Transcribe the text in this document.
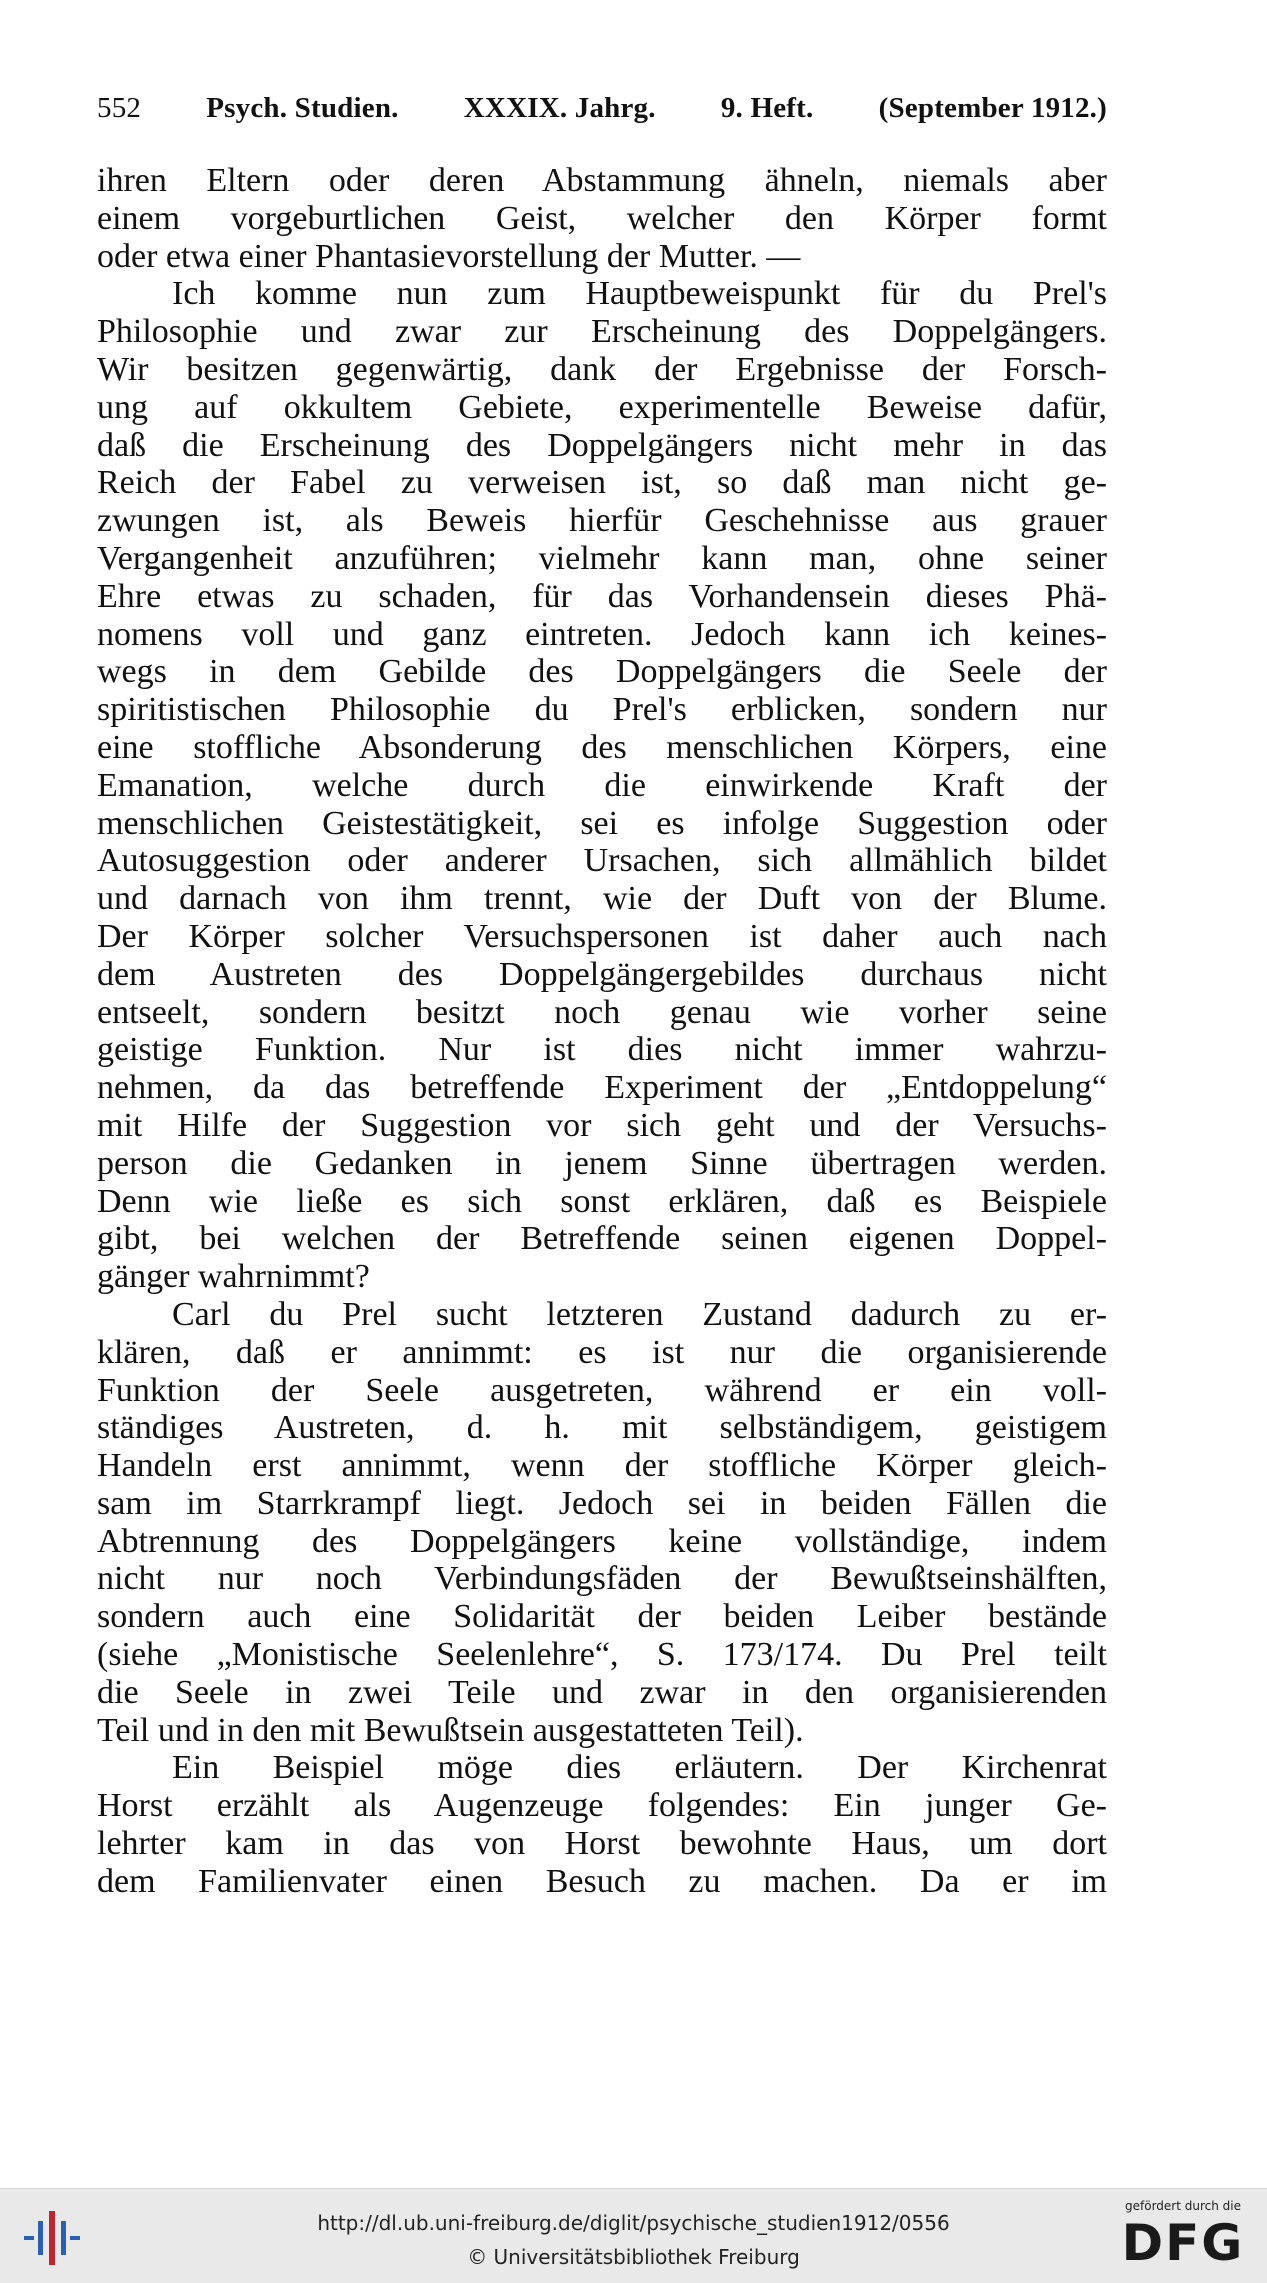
552 Psych. Studien. XXXIX. Jahrg. 9. Heft. (September 1912.)
ihren Eltern oder deren Abstammung ähneln, niemals aber
einem vorgeburtlichen Geist, welcher den Körper formt
oder etwa einer Phantasievorstellung der Mutter. —
Ich komme nun zum Hauptbeweispunkt für du Prel's
Philosophie und zwar zur Erscheinung des Doppelgängers.
Wir besitzen gegenwärtig, dank der Ergebnisse der Forsch-
ung auf okkultem Gebiete, experimentelle Beweise dafür,
daß die Erscheinung des Doppelgängers nicht mehr in das
Reich der Fabel zu verweisen ist, so daß man nicht ge-
zwungen ist, als Beweis hierfür Geschehnisse aus grauer
Vergangenheit anzuführen; vielmehr kann man, ohne seiner
Ehre etwas zu schaden, für das Vorhandensein dieses Phä-
nomens voll und ganz eintreten. Jedoch kann ich keines-
wegs in dem Gebilde des Doppelgängers die Seele der
spiritistischen Philosophie du Prel's erblicken, sondern nur
eine stoffliche Absonderung des menschlichen Körpers, eine
Emanation, welche durch die einwirkende Kraft der
menschlichen Geistestätigkeit, sei es infolge Suggestion oder
Autosuggestion oder anderer Ursachen, sich allmählich bildet
und darnach von ihm trennt, wie der Duft von der Blume.
Der Körper solcher Versuchspersonen ist daher auch nach
dem Austreten des Doppelgängergebildes durchaus nicht
entseelt, sondern besitzt noch genau wie vorher seine
geistige Funktion. Nur ist dies nicht immer wahrzu-
nehmen, da das betreffende Experiment der „Entdoppelung“
mit Hilfe der Suggestion vor sich geht und der Versuchs-
person die Gedanken in jenem Sinne übertragen werden.
Denn wie ließe es sich sonst erklären, daß es Beispiele
gibt, bei welchen der Betreffende seinen eigenen Doppel-
gänger wahrnimmt?
Carl du Prel sucht letzteren Zustand dadurch zu er-
klären, daß er annimmt: es ist nur die organisierende
Funktion der Seele ausgetreten, während er ein voll-
ständiges Austreten, d. h. mit selbständigem, geistigem
Handeln erst annimmt, wenn der stoffliche Körper gleich-
sam im Starrkrampf liegt. Jedoch sei in beiden Fällen die
Abtrennung des Doppelgängers keine vollständige, indem
nicht nur noch Verbindungsfäden der Bewußtseinshälften,
sondern auch eine Solidarität der beiden Leiber bestände
(siehe „Monistische Seelenlehre“, S. 173/174. Du Prel teilt
die Seele in zwei Teile und zwar in den organisierenden
Teil und in den mit Bewußtsein ausgestatteten Teil).
Ein Beispiel möge dies erläutern. Der Kirchenrat
Horst erzählt als Augenzeuge folgendes: Ein junger Ge-
lehrter kam in das von Horst bewohnte Haus, um dort
dem Familienvater einen Besuch zu machen. Da er im
http://dl.ub.uni-freiburg.de/diglit/psychische_studien1912/0556
© Universitätsbibliothek Freiburg
gefördert durch die
DFG
